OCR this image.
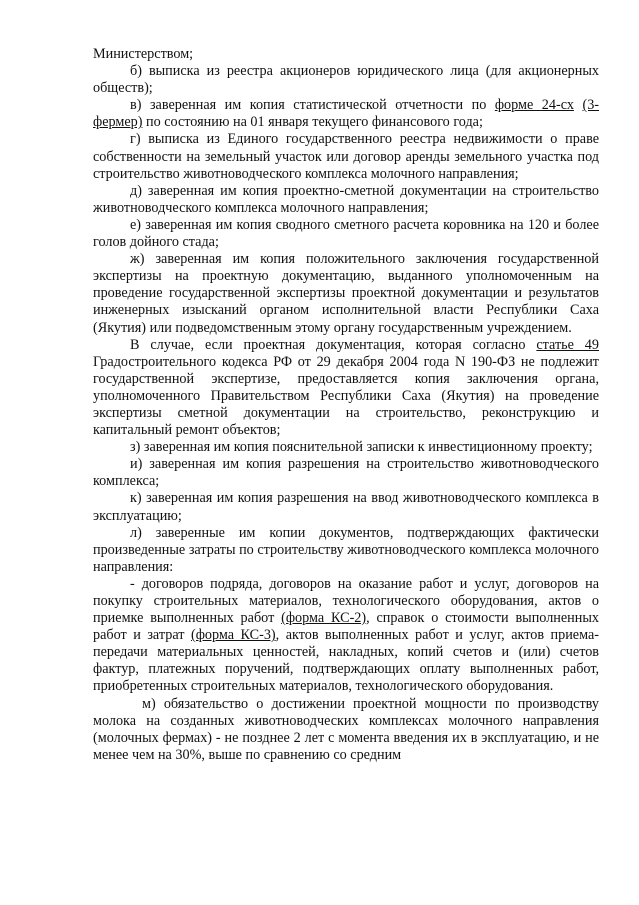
Министерством;

б) выписка из реестра акционеров юридического лица (для акционерных обществ);

в) заверенная им копия статистической отчетности по форме 24-сх (3-фермер) по состоянию на 01 января текущего финансового года;

г) выписка из Единого государственного реестра недвижимости о праве собственности на земельный участок или договор аренды земельного участка под строительство животноводческого комплекса молочного направления;

д) заверенная им копия проектно-сметной документации на строительство животноводческого комплекса молочного направления;

е) заверенная им копия сводного сметного расчета коровника на 120 и более голов дойного стада;

ж) заверенная им копия положительного заключения государственной экспертизы на проектную документацию, выданного уполномоченным на проведение государственной экспертизы проектной документации и результатов инженерных изысканий органом исполнительной власти Республики Саха (Якутия) или подведомственным этому органу государственным учреждением.

В случае, если проектная документация, которая согласно статье 49 Градостроительного кодекса РФ от 29 декабря 2004 года N 190-ФЗ не подлежит государственной экспертизе, предоставляется копия заключения органа, уполномоченного Правительством Республики Саха (Якутия) на проведение экспертизы сметной документации на строительство, реконструкцию и капитальный ремонт объектов;

з) заверенная им копия пояснительной записки к инвестиционному проекту;

и) заверенная им копия разрешения на строительство животноводческого комплекса;

к) заверенная им копия разрешения на ввод животноводческого комплекса в эксплуатацию;

л) заверенные им копии документов, подтверждающих фактически произведенные затраты по строительству животноводческого комплекса молочного направления:

- договоров подряда, договоров на оказание работ и услуг, договоров на покупку строительных материалов, технологического оборудования, актов о приемке выполненных работ (форма КС-2), справок о стоимости выполненных работ и затрат (форма КС-3), актов выполненных работ и услуг, актов приема-передачи материальных ценностей, накладных, копий счетов и (или) счетов фактур, платежных поручений, подтверждающих оплату выполненных работ, приобретенных строительных материалов, технологического оборудования.

м) обязательство о достижении проектной мощности по производству молока на созданных животноводческих комплексах молочного направления (молочных фермах) - не позднее 2 лет с момента введения их в эксплуатацию, и не менее чем на 30%, выше по сравнению со средним
